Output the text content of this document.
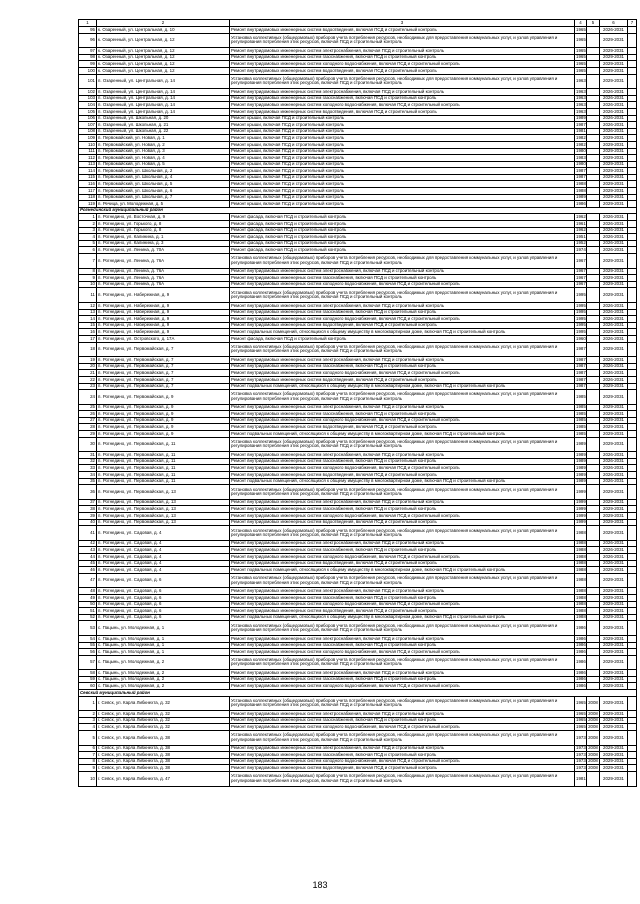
1	2	3	4	5	6	7
95	к. Озаренный, ул. Центральная, д. 10	Ремонт внутридомовых инженерных систем водоотведения, включая ПСД и строительный контроль	1965		2026-2031	
96	к. Озаренный, ул. Центральная, д. 12	Установка коллективных (общедомовых) приборов учета потребления ресурсов, необходимых для предоставления коммунальных услуг, и узлов управления и регулирования потребления этих ресурсов, включая ПСД и строительный контроль	1965		2029-2031	
97	к. Озаренный, ул. Центральная, д. 12	Ремонт внутридомовых инженерных систем электроснабжения, включая ПСД и строительный контроль	1965		2029-2031	
98	к. Озаренный, ул. Центральная, д. 12	Ремонт внутридомовых инженерных систем газоснабжения, включая ПСД и строительный контроль	1965		2029-2031	
99	к. Озаренный, ул. Центральная, д. 12	Ремонт внутридомовых инженерных систем холодного водоснабжения, включая ПСД и строительный контроль	1965		2029-2031	
100	к. Озаренный, ул. Центральная, д. 12	Ремонт внутридомовых инженерных систем водоотведения, включая ПСД и строительный контроль	1965		2029-2031	
101	п. Озаренный, ул. Центральная, д. 14	Установка коллективных (общедомовых) приборов учета потребления ресурсов, необходимых для предоставления коммунальных услуг, и узлов управления и регулирования потребления этих ресурсов, включая ПСД и строительный контроль	1963		2029-2031	
102	п. Озаренный, ул. Центральная, д. 14	Ремонт внутридомовых инженерных систем электроснабжения, включая ПСД и строительный контроль	1963		2026-2031	
103	п. Озаренный, ул. Центральная, д. 14	Ремонт внутридомовых инженерных систем газоснабжения, включая ПСД и строительный контроль	1963		2026-2031	
104	п. Озаренный, ул. Центральная, д. 14	Ремонт внутридомовых инженерных систем холодного водоснабжения, включая ПСД и строительный контроль	1963		2026-2031	
105	п. Озаренный, ул. Центральная, д. 14	Ремонт внутридомовых инженерных систем водоотведения, включая ПСД и строительный контроль	1963		2026-2031	
106	п. Озаренный, ул. Школьная, д. 20	Ремонт крыши, включая ПСД и строительный контроль	1989		2026-2031	
107	п. Озаренный, ул. Школьная, д. 21	Ремонт крыши, включая ПСД и строительный контроль	1987		2026-2031	
108	п. Озаренный, ул. Школьная, д. 22	Ремонт крыши, включая ПСД и строительный контроль	1981		2026-2031	
109	п. Первомайский, ул. Новая, д. 1	Ремонт крыши, включая ПСД и строительный контроль	1982		2029-2031	
110	п. Первомайский, ул. Новая, д. 2	Ремонт крыши, включая ПСД и строительный контроль	1982		2029-2031	
111	п. Первомайский, ул. Новая, д. 3	Ремонт крыши, включая ПСД и строительный контроль	1980		2029-2031	
112	п. Первомайский, ул. Новая, д. 4	Ремонт крыши, включая ПСД и строительный контроль	1983		2029-2031	
113	п. Первомайский, ул. Новая, д. 5	Ремонт крыши, включая ПСД и строительный контроль	1980		2029-2031	
114	п. Первомайский, ул. Школьная, д. 2	Ремонт крыши, включая ПСД и строительный контроль	1987		2029-2031	
115	п. Первомайский, ул. Школьная, д. 4	Ремонт крыши, включая ПСД и строительный контроль	1987		2029-2031	
116	п. Первомайский, ул. Школьная, д. 5	Ремонт крыши, включая ПСД и строительный контроль	1988		2029-2031	
117	п. Первомайский, ул. Школьная, д. 6	Ремонт крыши, включая ПСД и строительный контроль	1988		2029-2031	
118	п. Первомайский, ул. Школьная, д. 7	Ремонт крыши, включая ПСД и строительный контроль	1989		2029-2031	
119	п. Речица, ул. Молодежная, д. 5	Ремонт крыши, включая ПСД и строительный контроль	1986		2029-2031	
Рогнединский муниципальный район						
1	п. Рогнедино, ул. Восточная, д. 9	Ремонт фасада, включая ПСД и строительный контроль	1962		2026-2031	
2	п. Рогнедино, ул. Горького, д. 8	Ремонт фасада, включая ПСД и строительный контроль	1961		2026-2031	
3	п. Рогнедино, ул. Горького, д. 8	Ремонт фасада, включая ПСД и строительный контроль	1962		2026-2031	
4	п. Рогнедино, ул. Калинина, д. 1	Ремонт фасада, включая ПСД и строительный контроль	1951		2026-2031	
5	п. Рогнедино, ул. Калинина, д. 3	Ремонт фасада, включая ПСД и строительный контроль	1952		2026-2031	
6	п. Рогнедино, ул. Ленина, д. 70А	Ремонт фасада, включая ПСД и строительный контроль	1974		2026-2031	
7	п. Рогнедино, ул. Ленина, д. 76А	Установка коллективных (общедомовых) приборов учета потребления ресурсов, необходимых для предоставления коммунальных услуг, и узлов управления и регулирования потребления этих ресурсов, включая ПСД и строительный контроль	1967		2029-2031	
8	п. Рогнедино, ул. Ленина, д. 76А	Ремонт внутридомовых инженерных систем электроснабжения, включая ПСД и строительный контроль	1967		2029-2031	
9	п. Рогнедино, ул. Ленина, д. 76А	Ремонт внутридомовых инженерных систем газоснабжения, включая ПСД и строительный контроль	1967		2029-2031	
10	п. Рогнедино, ул. Ленина, д. 76А	Ремонт внутридомовых инженерных систем холодного водоснабжения, включая ПСД и строительный контроль	1967		2029-2031	
11	п. Рогнедино, ул. Набережная, д. 9	Установка коллективных (общедомовых) приборов учета потребления ресурсов, необходимых для предоставления коммунальных услуг, и узлов управления и регулирования потребления этих ресурсов, включая ПСД и строительный контроль	1995		2029-2031	
12	п. Рогнедино, ул. Набережная, д. 9	Ремонт внутридомовых инженерных систем электроснабжения, включая ПСД и строительный контроль	1995		2026-2031	
13	п. Рогнедино, ул. Набережная, д. 9	Ремонт внутридомовых инженерных систем газоснабжения, включая ПСД и строительный контроль	1995		2026-2031	
14	п. Рогнедино, ул. Набережная, д. 9	Ремонт внутридомовых инженерных систем холодного водоснабжения, включая ПСД и строительный контроль	1995		2026-2031	
15	п. Рогнедино, ул. Набережная, д. 9	Ремонт внутридомовых инженерных систем водоотведения, включая ПСД и строительный контроль	1995		2026-2031	
16	п. Рогнедино, ул. Набережная, д. 9	Ремонт подвальных помещений, относящихся к общему имуществу в многоквартирном доме, включая ПСД и строительный контроль	1995		2029-2031	
17	п. Рогнедино, ул. Островского, д. 17А	Ремонт фасада, включая ПСД и строительный контроль	1960		2026-2031	
18	п. Рогнедино, ул. Первомайская, д. 7	Установка коллективных (общедомовых) приборов учета потребления ресурсов, необходимых для предоставления коммунальных услуг, и узлов управления и регулирования потребления этих ресурсов, включая ПСД и строительный контроль	1987		2029-2031	
19	п. Рогнедино, ул. Первомайская, д. 7	Ремонт внутридомовых инженерных систем электроснабжения, включая ПСД и строительный контроль	1987		2026-2031	
20	п. Рогнедино, ул. Первомайская, д. 7	Ремонт внутридомовых инженерных систем газоснабжения, включая ПСД и строительный контроль	1987		2026-2031	
21	п. Рогнедино, ул. Первомайская, д. 7	Ремонт внутридомовых инженерных систем холодного водоснабжения, включая ПСД и строительный контроль	1987		2026-2031	
22	п. Рогнедино, ул. Первомайская, д. 7	Ремонт внутридомовых инженерных систем водоотведения, включая ПСД и строительный контроль	1987		2026-2031	
23	п. Рогнедино, ул. Первомайская, д. 7	Ремонт подвальных помещений, относящихся к общему имуществу в многоквартирном доме, включая ПСД и строительный контроль	1987		2029-2031	
24	п. Рогнедино, ул. Первомайская, д. 9	Установка коллективных (общедомовых) приборов учета потребления ресурсов, необходимых для предоставления коммунальных услуг, и узлов управления и регулирования потребления этих ресурсов, включая ПСД и строительный контроль	1985		2029-2031	
25	п. Рогнедино, ул. Первомайская, д. 9	Ремонт внутридомовых инженерных систем электроснабжения, включая ПСД и строительный контроль	1985		2029-2031	
26	п. Рогнедино, ул. Первомайская, д. 9	Ремонт внутридомовых инженерных систем газоснабжения, включая ПСД и строительный контроль	1985		2029-2031	
27	п. Рогнедино, ул. Первомайская, д. 9	Ремонт внутридомовых инженерных систем холодного водоснабжения, включая ПСД и строительный контроль	1985		2029-2031	
28	п. Рогнедино, ул. Первомайская, д. 9	Ремонт внутридомовых инженерных систем водоотведения, включая ПСД и строительный контроль	1985		2029-2031	
29	п. Рогнедино, ул. Первомайская, д. 9	Ремонт подвальных помещений, относящихся к общему имуществу в многоквартирном доме, включая ПСД и строительный контроль	1985		2029-2031	
30	п. Рогнедино, ул. Первомайская, д. 11	Установка коллективных (общедомовых) приборов учета потребления ресурсов, необходимых для предоставления коммунальных услуг, и узлов управления и регулирования потребления этих ресурсов, включая ПСД и строительный контроль	1989		2029-2031	
31	п. Рогнедино, ул. Первомайская, д. 11	Ремонт внутридомовых инженерных систем электроснабжения, включая ПСД и строительный контроль	1989		2026-2031	
32	п. Рогнедино, ул. Первомайская, д. 11	Ремонт внутридомовых инженерных систем газоснабжения, включая ПСД и строительный контроль	1989		2026-2031	
33	п. Рогнедино, ул. Первомайская, д. 11	Ремонт внутридомовых инженерных систем холодного водоснабжения, включая ПСД и строительный контроль	1989		2026-2031	
34	п. Рогнедино, ул. Первомайская, д. 11	Ремонт внутридомовых инженерных систем водоотведения, включая ПСД и строительный контроль	1989		2026-2031	
35	п. Рогнедино, ул. Первомайская, д. 11	Ремонт подвальных помещений, относящихся к общему имуществу в многоквартирном доме, включая ПСД и строительный контроль	1989		2026-2031	
36	п. Рогнедино, ул. Первомайская, д. 13	Установка коллективных (общедомовых) приборов учета потребления ресурсов, необходимых для предоставления коммунальных услуг, и узлов управления и регулирования потребления этих ресурсов, включая ПСД и строительный контроль	1999		2029-2031	
37	п. Рогнедино, ул. Первомайская, д. 13	Ремонт внутридомовых инженерных систем электроснабжения, включая ПСД и строительный контроль	1999		2029-2031	
38	п. Рогнедино, ул. Первомайская, д. 13	Ремонт внутридомовых инженерных систем газоснабжения, включая ПСД и строительный контроль	1999		2029-2031	
39	п. Рогнедино, ул. Первомайская, д. 13	Ремонт внутридомовых инженерных систем холодного водоснабжения, включая ПСД и строительный контроль	1999		2029-2031	
40	п. Рогнедино, ул. Первомайская, д. 13	Ремонт внутридомовых инженерных систем водоотведения, включая ПСД и строительный контроль	1999		2029-2031	
41	п. Рогнедино, ул. Садовая, д. 4	Установка коллективных (общедомовых) приборов учета потребления ресурсов, необходимых для предоставления коммунальных услуг, и узлов управления и регулирования потребления этих ресурсов, включая ПСД и строительный контроль	1988		2029-2031	
42	п. Рогнедино, ул. Садовая, д. 4	Ремонт внутридомовых инженерных систем электроснабжения, включая ПСД и строительный контроль	1988		2026-2031	
43	п. Рогнедино, ул. Садовая, д. 4	Ремонт внутридомовых инженерных систем газоснабжения, включая ПСД и строительный контроль	1988		2026-2031	
44	п. Рогнедино, ул. Садовая, д. 4	Ремонт внутридомовых инженерных систем холодного водоснабжения, включая ПСД и строительный контроль	1988		2026-2031	
45	п. Рогнедино, ул. Садовая, д. 4	Ремонт внутридомовых инженерных систем водоотведения, включая ПСД и строительный контроль	1988		2026-2031	
46	п. Рогнедино, ул. Садовая, д. 4	Ремонт подвальных помещений, относящихся к общему имуществу в многоквартирном доме, включая ПСД и строительный контроль	1988		2029-2031	
47	п. Рогнедино, ул. Садовая, д. 6	Установка коллективных (общедомовых) приборов учета потребления ресурсов, необходимых для предоставления коммунальных услуг, и узлов управления и регулирования потребления этих ресурсов, включая ПСД и строительный контроль	1988		2029-2031	
48	п. Рогнедино, ул. Садовая, д. 6	Ремонт внутридомовых инженерных систем электроснабжения, включая ПСД и строительный контроль	1988		2029-2031	
49	п. Рогнедино, ул. Садовая, д. 6	Ремонт внутридомовых инженерных систем газоснабжения, включая ПСД и строительный контроль	1988		2029-2031	
50	п. Рогнедино, ул. Садовая, д. 6	Ремонт внутридомовых инженерных систем холодного водоснабжения, включая ПСД и строительный контроль	1988		2029-2031	
51	п. Рогнедино, ул. Садовая, д. 6	Ремонт внутридомовых инженерных систем водоотведения, включая ПСД и строительный контроль	1988		2029-2031	
52	п. Рогнедино, ул. Садовая, д. 6	Ремонт подвальных помещений, относящихся к общему имуществу в многоквартирном доме, включая ПСД и строительный контроль	1988		2029-2031	
53	с. Пацынь, ул. Молодежная, д. 1	Установка коллективных (общедомовых) приборов учета потребления ресурсов, необходимых для предоставления коммунальных услуг, и узлов управления и регулирования потребления этих ресурсов, включая ПСД и строительный контроль	1986		2029-2031	
54	с. Пацынь, ул. Молодежная, д. 1	Ремонт внутридомовых инженерных систем электроснабжения, включая ПСД и строительный контроль	1986		2029-2031	
55	с. Пацынь, ул. Молодежная, д. 1	Ремонт внутридомовых инженерных систем газоснабжения, включая ПСД и строительный контроль	1986		2029-2031	
56	с. Пацынь, ул. Молодежная, д. 1	Ремонт внутридомовых инженерных систем холодного водоснабжения, включая ПСД и строительный контроль	1986		2029-2031	
57	с. Пацынь, ул. Молодежная, д. 2	Установка коллективных (общедомовых) приборов учета потребления ресурсов, необходимых для предоставления коммунальных услуг, и узлов управления и регулирования потребления этих ресурсов, включая ПСД и строительный контроль	1986		2029-2031	
58	с. Пацынь, ул. Молодежная, д. 2	Ремонт внутридомовых инженерных систем электроснабжения, включая ПСД и строительный контроль	1986		2029-2031	
59	с. Пацынь, ул. Молодежная, д. 2	Ремонт внутридомовых инженерных систем газоснабжения, включая ПСД и строительный контроль	1986		2029-2031	
60	с. Пацынь, ул. Молодежная, д. 2	Ремонт внутридомовых инженерных систем холодного водоснабжения, включая ПСД и строительный контроль	1986		2029-2031	
Севский муниципальный район						
1	г. Севск, ул. Карла Либкнехта, д. 32	Установка коллективных (общедомовых) приборов учета потребления ресурсов, необходимых для предоставления коммунальных услуг, и узлов управления и регулирования потребления этих ресурсов, включая ПСД и строительный контроль	1965	2008	2029-2031	
2	г. Севск, ул. Карла Либкнехта, д. 32	Ремонт внутридомовых инженерных систем электроснабжения, включая ПСД и строительный контроль	1965	2008	2029-2031	
3	г. Севск, ул. Карла Либкнехта, д. 32	Ремонт внутридомовых инженерных систем газоснабжения, включая ПСД и строительный контроль	1965	2008	2029-2031	
4	г. Севск, ул. Карла Либкнехта, д. 32	Ремонт внутридомовых инженерных систем холодного водоснабжения, включая ПСД и строительный контроль	1965	2008	2029-2031	
5	г. Севск, ул. Карла Либкнехта, д. 38	Установка коллективных (общедомовых) приборов учета потребления ресурсов, необходимых для предоставления коммунальных услуг, и узлов управления и регулирования потребления этих ресурсов, включая ПСД и строительный контроль	1973	2008	2029-2031	
6	г. Севск, ул. Карла Либкнехта, д. 38	Ремонт внутридомовых инженерных систем электроснабжения, включая ПСД и строительный контроль	1973	2008	2029-2031	
7	г. Севск, ул. Карла Либкнехта, д. 38	Ремонт внутридомовых инженерных систем газоснабжения, включая ПСД и строительный контроль	1973	2008	2029-2031	
8	г. Севск, ул. Карла Либкнехта, д. 38	Ремонт внутридомовых инженерных систем холодного водоснабжения, включая ПСД и строительный контроль	1973	2008	2029-2031	
9	г. Севск, ул. Карла Либкнехта, д. 38	Ремонт внутридомовых инженерных систем водоотведения, включая ПСД и строительный контроль	1973	2008	2029-2031	
10	г. Севск, ул. Карла Либкнехта, д. 47	Установка коллективных (общедомовых) приборов учета потребления ресурсов, необходимых для предоставления коммунальных услуг, и узлов управления и регулирования потребления этих ресурсов, включая ПСД и строительный контроль	1981		2029-2031	
183
